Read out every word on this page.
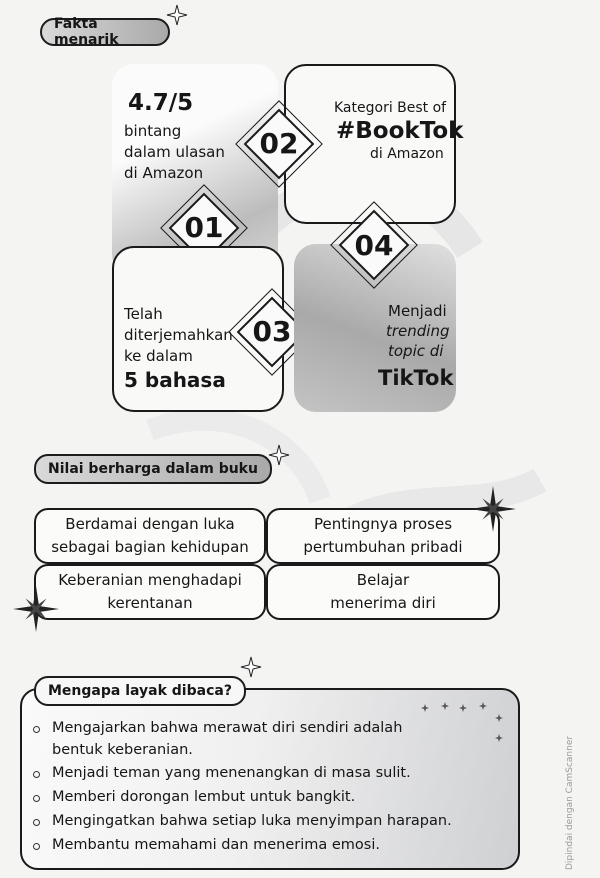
Fakta menarik
4.7/5
bintang
dalam ulasan
di Amazon
01
02
Kategori Best of
#BookTok
di Amazon
Telah
diterjemahkan
ke dalam
5 bahasa
03
04
Menjadi
trending
topic di
TikTok
Nilai berharga dalam buku
Berdamai dengan luka
sebagai bagian kehidupan
Pentingnya proses
pertumbuhan pribadi
Keberanian menghadapi
kerentanan
Belajar
menerima diri
Mengapa layak dibaca?
Mengajarkan bahwa merawat diri sendiri adalah
bentuk keberanian.
Menjadi teman yang menenangkan di masa sulit.
Memberi dorongan lembut untuk bangkit.
Mengingatkan bahwa setiap luka menyimpan harapan.
Membantu memahami dan menerima emosi.	Dipindai dengan CamScanner
